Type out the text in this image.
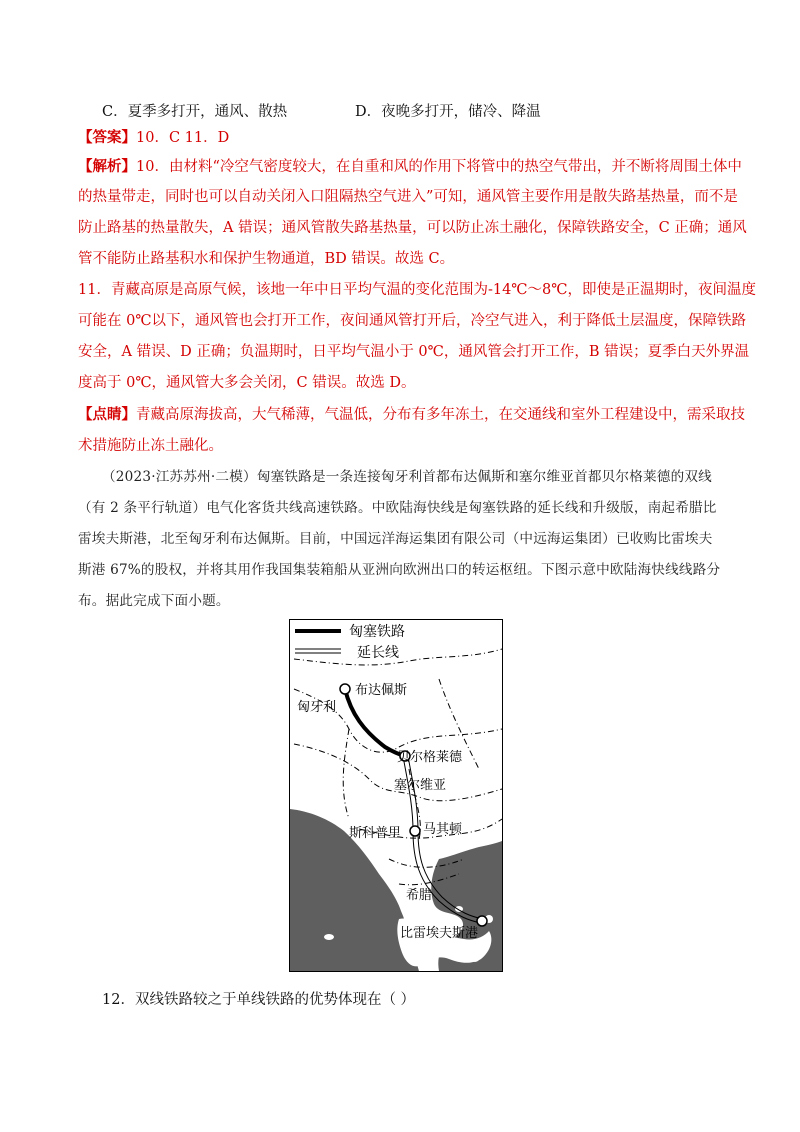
C．夏季多打开，通风、散热	D．夜晚多打开，储冷、降温
【答案】10．C 11．D
【解析】10．由材料“冷空气密度较大，在自重和风的作用下将管中的热空气带出，并不断将周围土体中
的热量带走，同时也可以自动关闭入口阻隔热空气进入”可知，通风管主要作用是散失路基热量，而不是
防止路基的热量散失，A 错误；通风管散失路基热量，可以防止冻土融化，保障铁路安全，C 正确；通风
管不能防止路基积水和保护生物通道，BD 错误。故选 C。
11．青藏高原是高原气候，该地一年中日平均气温的变化范围为-14℃～8℃，即使是正温期时，夜间温度
可能在 0℃以下，通风管也会打开工作，夜间通风管打开后，冷空气进入，利于降低土层温度，保障铁路
安全，A 错误、D 正确；负温期时，日平均气温小于 0℃，通风管会打开工作，B 错误；夏季白天外界温
度高于 0℃，通风管大多会关闭，C 错误。故选 D。
【点睛】青藏高原海拔高，大气稀薄，气温低，分布有多年冻土，在交通线和室外工程建设中，需采取技
术措施防止冻土融化。
（2023·江苏苏州·二模）匈塞铁路是一条连接匈牙利首都布达佩斯和塞尔维亚首都贝尔格莱德的双线
（有 2 条平行轨道）电气化客货共线高速铁路。中欧陆海快线是匈塞铁路的延长线和升级版，南起希腊比
雷埃夫斯港，北至匈牙利布达佩斯。目前，中国远洋海运集团有限公司（中远海运集团）已收购比雷埃夫
斯港 67%的股权，并将其用作我国集装箱船从亚洲向欧洲出口的转运枢纽。下图示意中欧陆海快线线路分
布。据此完成下面小题。
匈塞铁路
延长线
布达佩斯
匈牙利
贝尔格莱德
塞尔维亚
斯科普里 马其顿
希腊
比雷埃夫斯港
12．双线铁路较之于单线铁路的优势体现在（ ）
